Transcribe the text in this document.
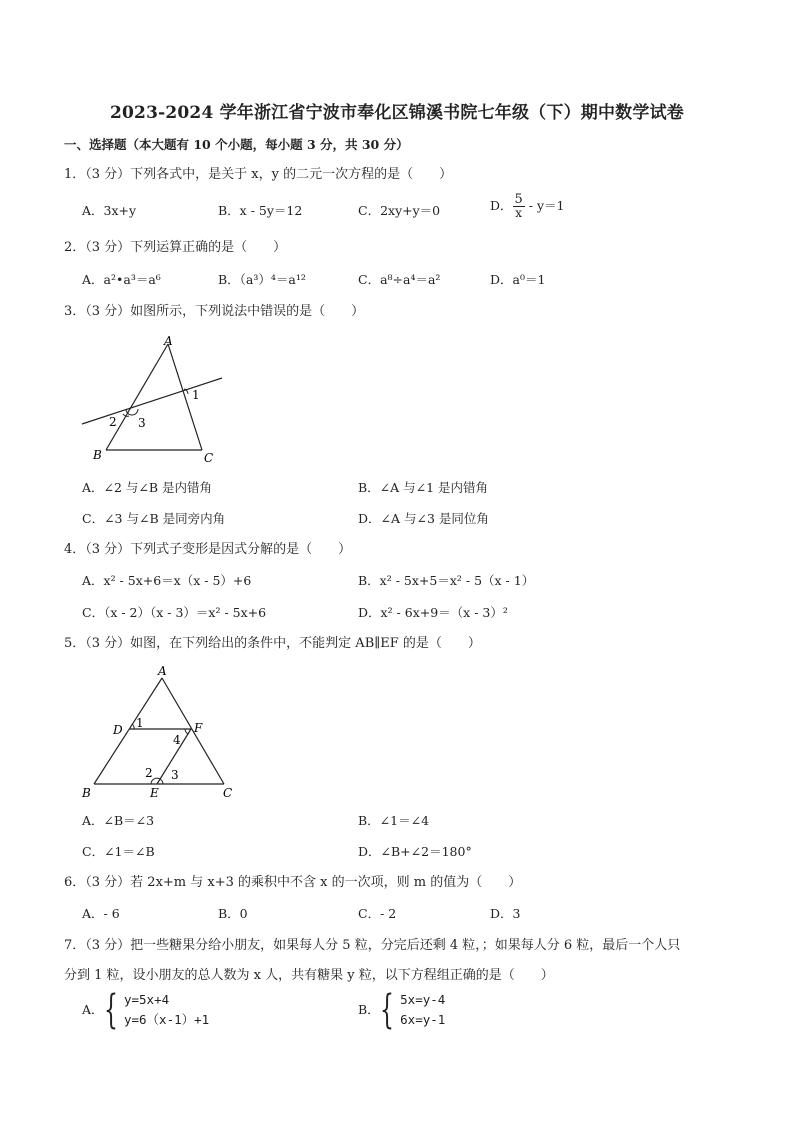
2023-2024 学年浙江省宁波市奉化区锦溪书院七年级（下）期中数学试卷
一、选择题（本大题有 10 个小题，每小题 3 分，共 30 分）
1．（3 分）下列各式中，是关于 x，y 的二元一次方程的是（　　）
A．3x+y	B．x - 5y＝12	C．2xy+y＝0	D． $\frac{5}{x} - y=1$
2．（3 分）下列运算正确的是（　　）
A．a²•a³＝a⁶	B．（a³）⁴＝a¹²	C．a⁸÷a⁴＝a²	D．a⁰＝1
3．（3 分）如图所示，下列说法中错误的是（　　）
A
B	C
1
2 3
A．∠2 与∠B 是内错角	B．∠A 与∠1 是内错角
C．∠3 与∠B 是同旁内角	D．∠A 与∠3 是同位角
4．（3 分）下列式子变形是因式分解的是（　　）
A．x² - 5x+6＝x（x - 5）+6	B．x² - 5x+5＝x² - 5（x - 1）
C．（x - 2）（x - 3）＝x² - 5x+6	D．x² - 6x+9＝（x - 3）²
5．（3 分）如图，在下列给出的条件中，不能判定 AB∥EF 的是（　　）
A
B	C
D
E
F
1
2 3
4
A．∠B＝∠3	B．∠1＝∠4
C．∠1＝∠B	D．∠B+∠2＝180°
6．（3 分）若 2x+m 与 x+3 的乘积中不含 x 的一次项，则 m 的值为（　　）
A．- 6	B．0	C．- 2	D．3
7．（3 分）把一些糖果分给小朋友，如果每人分 5 粒，分完后还剩 4 粒，；如果每人分 6 粒，最后一个人只
分到 1 粒，设小朋友的总人数为 x 人，共有糖果 y 粒，以下方程组正确的是（　　）
A．{ y=5x+4
y=6（x-1）+1
B．{ 5x=y-4
6x=y-1
